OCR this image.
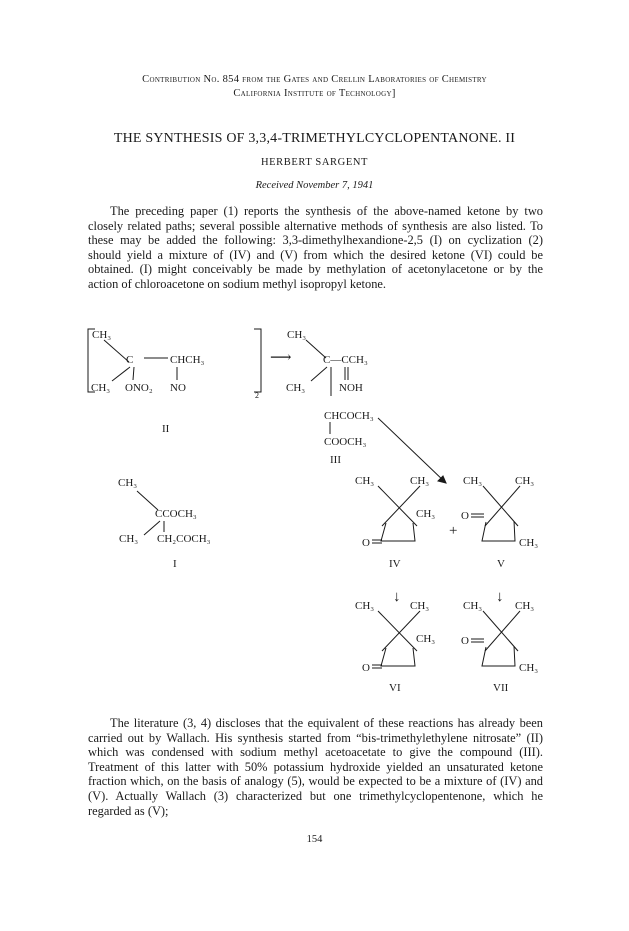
Contribution No. 854 from the Gates and Crellin Laboratories of Chemistry
California Institute of Technology]
THE SYNTHESIS OF 3,3,4-TRIMETHYLCYCLOPENTANONE. II
HERBERT SARGENT
Received November 7, 1941

The preceding paper (1) reports the synthesis of the above-named ketone by two closely related paths; several possible alternative methods of synthesis are also listed. To these may be added the following: 3,3-dimethylhexandione-2,5 (I) on cyclization (2) should yield a mixture of (IV) and (V) from which the desired ketone (VI) could be obtained. (I) might conceivably be made by methylation of acetonylacetone or by the action of chloroacetone on sodium methyl isopropyl ketone.

CH₃
C	CHCH₃
CH₃ ONO₂ NO
2
II
⟶
CH₃
C—CCH₃
CH₃	NOH
CHCOCH₃
COOCH₃
III
CH₃
CCOCH₃
CH₃ CH₂COCH₃
I
CH₃	CH₃
CH₃
O
IV
+
CH₃	CH₃
CH₃
O
V
↓	↓
CH₃	CH₃
CH₃
O
VI
CH₃	CH₃
CH₃
O
VII

The literature (3, 4) discloses that the equivalent of these reactions has already been carried out by Wallach. His synthesis started from “bis-trimethylethylene nitrosate” (II) which was condensed with sodium methyl acetoacetate to give the compound (III). Treatment of this latter with 50% potassium hydroxide yielded an unsaturated ketone fraction which, on the basis of analogy (5), would be expected to be a mixture of (IV) and (V). Actually Wallach (3) characterized but one trimethylcyclopentenone, which he regarded as (V);

154
